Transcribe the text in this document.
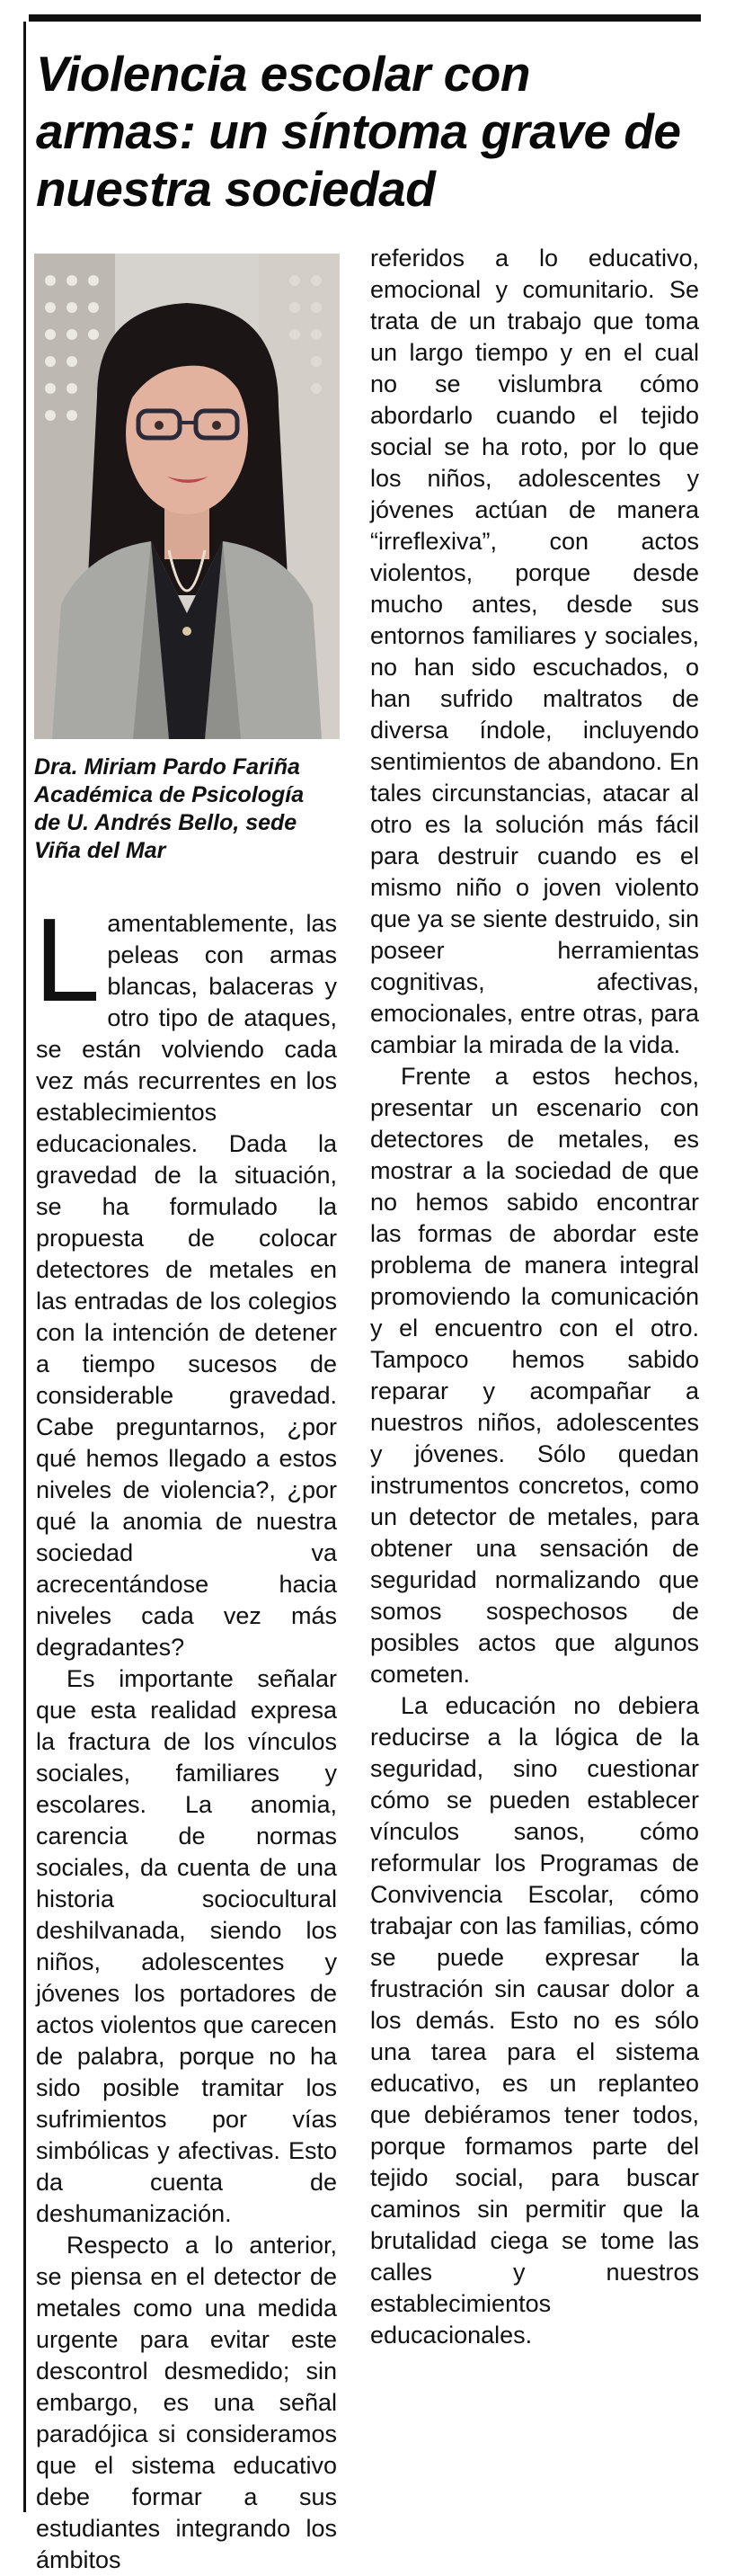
Violencia escolar con armas: un síntoma grave de nuestra sociedad
Dra. Miriam Pardo Fariña
Académica de Psicología
de U. Andrés Bello, sede
Viña del Mar

Lamentablemente, las peleas con armas blancas, balaceras y otro tipo de ataques, se están volviendo cada vez más recurrentes en los establecimientos educacionales. Dada la gravedad de la situación, se ha formulado la propuesta de colocar detectores de metales en las entradas de los colegios con la intención de detener a tiempo sucesos de considerable gravedad. Cabe preguntarnos, ¿por qué hemos llegado a estos niveles de violencia?, ¿por qué la anomia de nuestra sociedad va acrecentándose hacia niveles cada vez más degradantes?

Es importante señalar que esta realidad expresa la fractura de los vínculos sociales, familiares y escolares. La anomia, carencia de normas sociales, da cuenta de una historia sociocultural deshilvanada, siendo los niños, adolescentes y jóvenes los portadores de actos violentos que carecen de palabra, porque no ha sido posible tramitar los sufrimientos por vías simbólicas y afectivas. Esto da cuenta de deshumanización.

Respecto a lo anterior, se piensa en el detector de metales como una medida urgente para evitar este descontrol desmedido; sin embargo, es una señal paradójica si consideramos que el sistema educativo debe formar a sus estudiantes integrando los ámbitos

referidos a lo educativo, emocional y comunitario. Se trata de un trabajo que toma un largo tiempo y en el cual no se vislumbra cómo abordarlo cuando el tejido social se ha roto, por lo que los niños, adolescentes y jóvenes actúan de manera “irreflexiva”, con actos violentos, porque desde mucho antes, desde sus entornos familiares y sociales, no han sido escuchados, o han sufrido maltratos de diversa índole, incluyendo sentimientos de abandono. En tales circunstancias, atacar al otro es la solución más fácil para destruir cuando es el mismo niño o joven violento que ya se siente destruido, sin poseer herramientas cognitivas, afectivas, emocionales, entre otras, para cambiar la mirada de la vida.

Frente a estos hechos, presentar un escenario con detectores de metales, es mostrar a la sociedad de que no hemos sabido encontrar las formas de abordar este problema de manera integral promoviendo la comunicación y el encuentro con el otro. Tampoco hemos sabido reparar y acompañar a nuestros niños, adolescentes y jóvenes. Sólo quedan instrumentos concretos, como un detector de metales, para obtener una sensación de seguridad normalizando que somos sospechosos de posibles actos que algunos cometen.

La educación no debiera reducirse a la lógica de la seguridad, sino cuestionar cómo se pueden establecer vínculos sanos, cómo reformular los Programas de Convivencia Escolar, cómo trabajar con las familias, cómo se puede expresar la frustración sin causar dolor a los demás. Esto no es sólo una tarea para el sistema educativo, es un replanteo que debiéramos tener todos, porque formamos parte del tejido social, para buscar caminos sin permitir que la brutalidad ciega se tome las calles y nuestros establecimientos educacionales.
